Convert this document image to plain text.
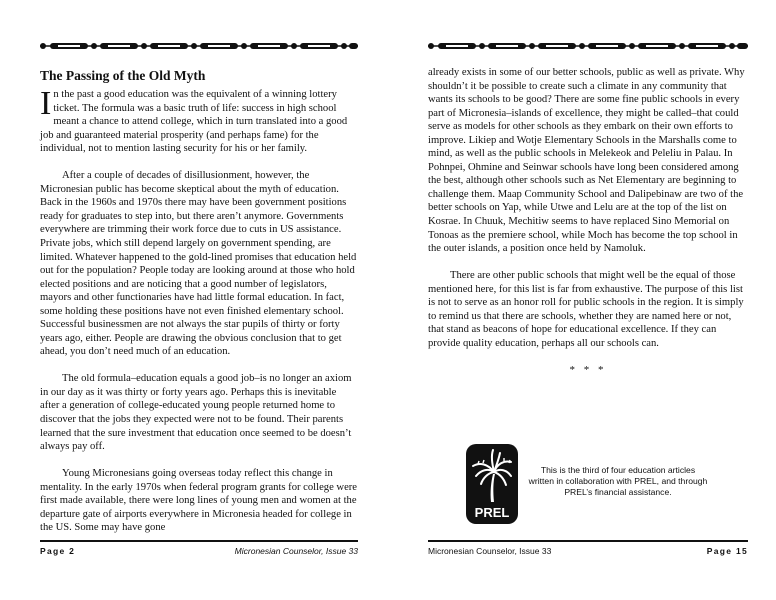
The Passing of the Old Myth

In the past a good education was the equivalent of a winning lottery ticket. The formula was a basic truth of life: success in high school meant a chance to attend college, which in turn translated into a good job and guaranteed material prosperity (and perhaps fame) for the individual, not to mention lasting security for his or her family.

After a couple of decades of disillusionment, however, the Micronesian public has become skeptical about the myth of education. Back in the 1960s and 1970s there may have been government positions ready for graduates to step into, but there aren’t anymore. Governments everywhere are trimming their work force due to cuts in US assistance. Private jobs, which still depend largely on government spending, are limited. Whatever happened to the gold-lined promises that education held out for the population? People today are looking around at those who hold elected positions and are noticing that a good number of legislators, mayors and other functionaries have had little formal education. In fact, some holding these positions have not even finished elementary school. Successful businessmen are not always the star pupils of thirty or forty years ago, either. People are drawing the obvious conclusion that to get ahead, you don’t need much of an education.

The old formula–education equals a good job–is no longer an axiom in our day as it was thirty or forty years ago. Perhaps this is inevitable after a generation of college-educated young people returned home to discover that the jobs they expected were not to be found. Their parents learned that the sure investment that education once seemed to be doesn’t always pay off.

Young Micronesians going overseas today reflect this change in mentality. In the early 1970s when federal program grants for college were first made available, there were long lines of young men and women at the departure gate of airports everywhere in Micronesia headed for college in the US. Some may have gone

Page 2	Micronesian Counselor, Issue 33

already exists in some of our better schools, public as well as private. Why shouldn’t it be possible to create such a climate in any community that wants its schools to be good? There are some fine public schools in every part of Micronesia–islands of excellence, they might be called–that could serve as models for other schools as they embark on their own efforts to improve. Likiep and Wotje Elementary Schools in the Marshalls come to mind, as well as the public schools in Melekeok and Peleliu in Palau. In Pohnpei, Ohmine and Seinwar schools have long been considered among the best, although other schools such as Net Elementary are beginning to challenge them. Maap Community School and Dalipebinaw are two of the better schools on Yap, while Utwe and Lelu are at the top of the list on Kosrae. In Chuuk, Mechitiw seems to have replaced Sino Memorial on Tonoas as the premiere school, while Moch has become the top school in the outer islands, a position once held by Namoluk.

There are other public schools that might well be the equal of those mentioned here, for this list is far from exhaustive. The purpose of this list is not to serve as an honor roll for public schools in the region. It is simply to remind us that there are schools, whether they are named here or not, that stand as beacons of hope for educational excellence. If they can provide quality education, perhaps all our schools can.

* * *
PREL
This is the third of four education articles written in collaboration with PREL, and through PREL’s financial assistance.
Micronesian Counselor, Issue 33	Page 15
